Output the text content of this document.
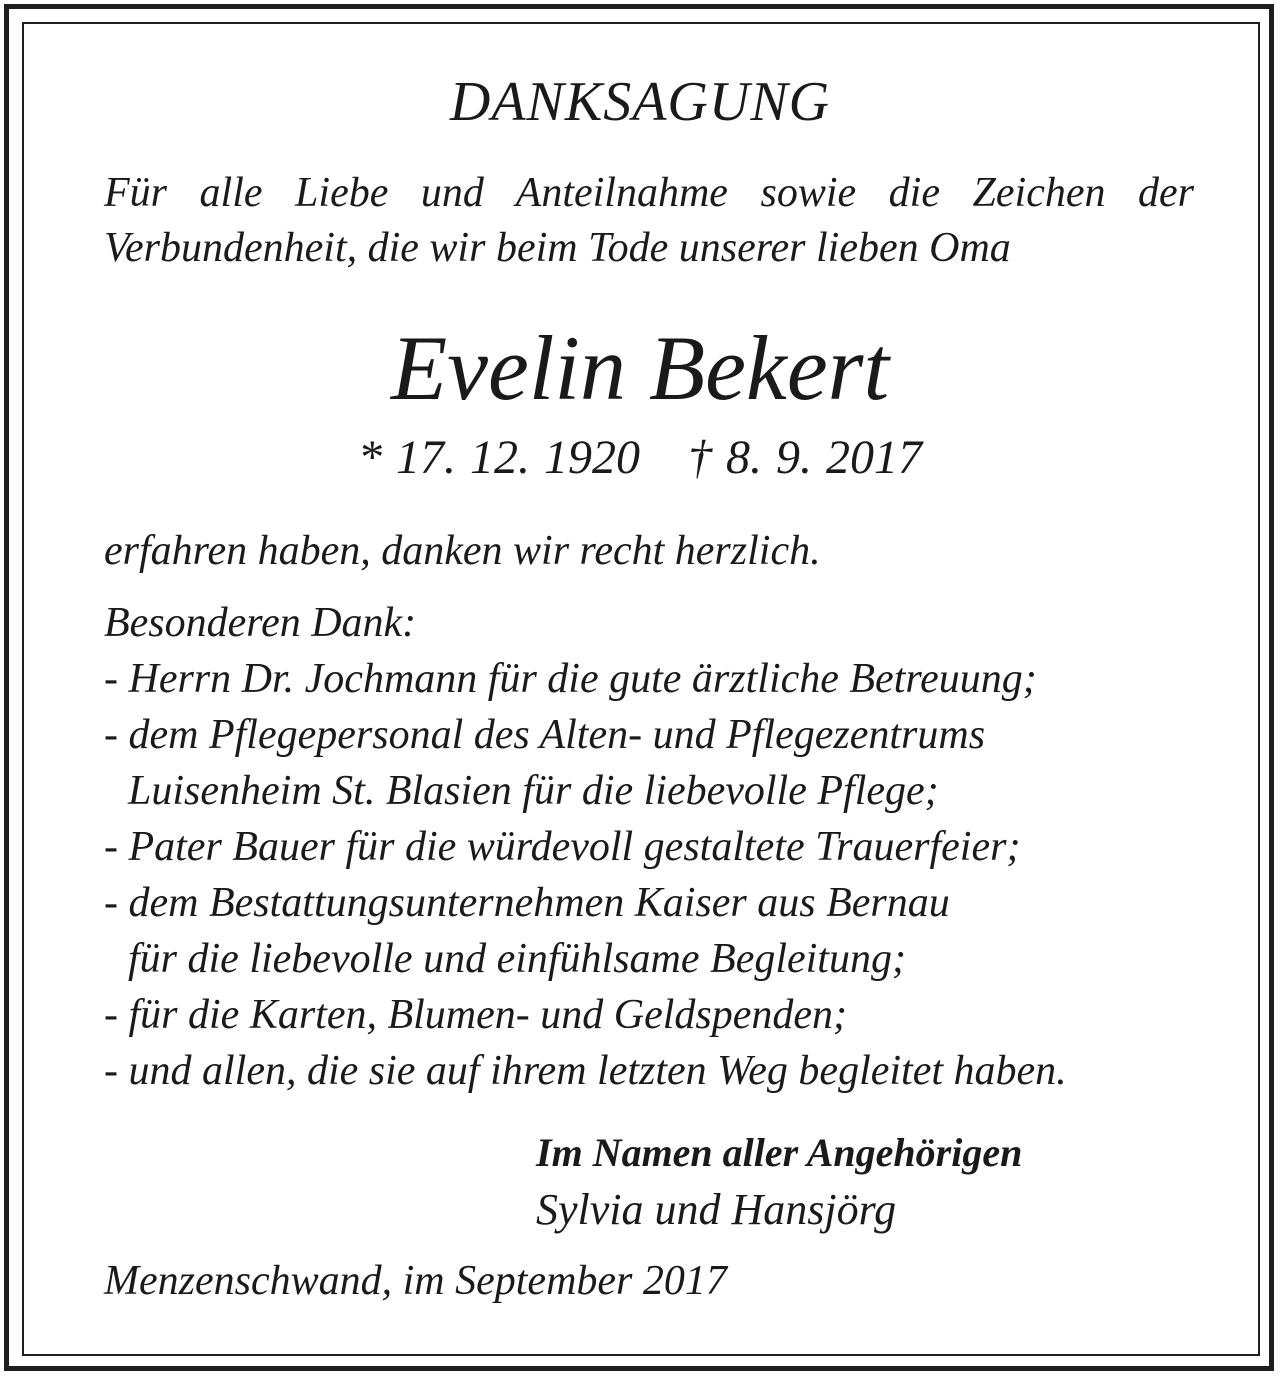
DANKSAGUNG

Für alle Liebe und Anteilnahme sowie die Zeichen der

Verbundenheit, die wir beim Tode unserer lieben Oma

Evelin Bekert

* 17. 12. 1920 † 8. 9. 2017

erfahren haben, danken wir recht herzlich.

Besonderen Dank:

- Herrn Dr. Jochmann für die gute ärztliche Betreuung;

- dem Pflegepersonal des Alten- und Pflegezentrums

Luisenheim St. Blasien für die liebevolle Pflege;

- Pater Bauer für die würdevoll gestaltete Trauerfeier;

- dem Bestattungsunternehmen Kaiser aus Bernau

für die liebevolle und einfühlsame Begleitung;

- für die Karten, Blumen- und Geldspenden;

- und allen, die sie auf ihrem letzten Weg begleitet haben.

Im Namen aller Angehörigen

Sylvia und Hansjörg

Menzenschwand, im September 2017
